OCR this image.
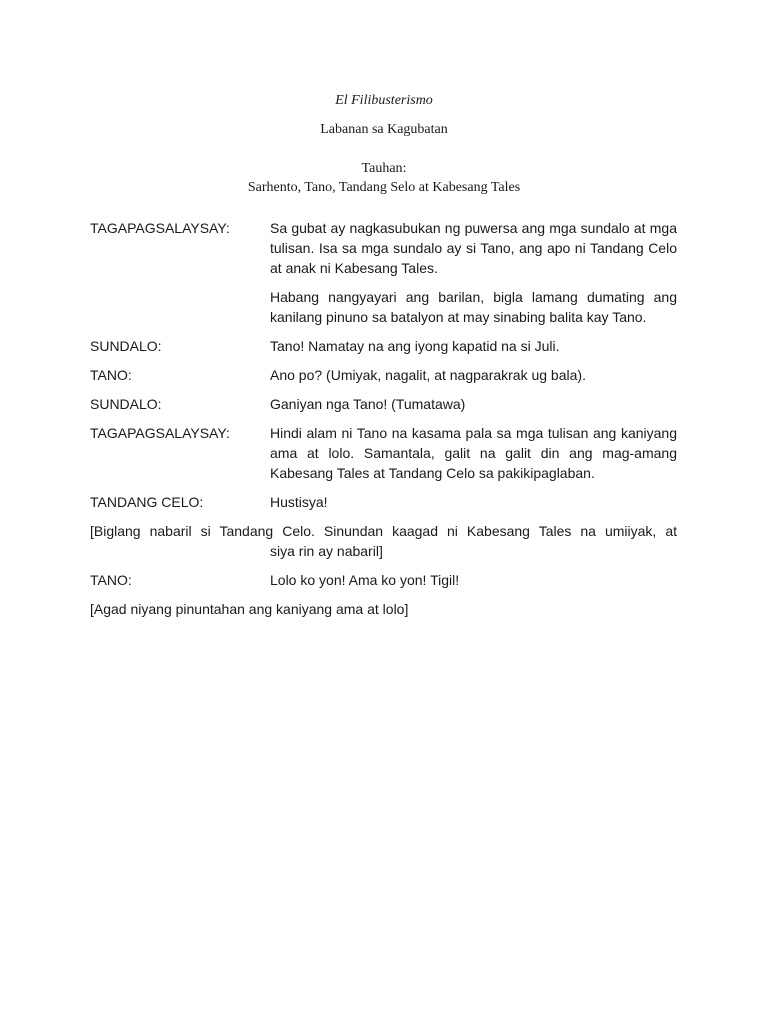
El Filibusterismo
Labanan sa Kagubatan
Tauhan:
Sarhento, Tano, Tandang Selo at Kabesang Tales
TAGAPAGSALAYSAY:	Sa gubat ay nagkasubukan ng puwersa ang mga sundalo at mga tulisan. Isa sa mga sundalo ay si Tano, ang apo ni Tandang Celo at anak ni Kabesang Tales.
Habang nangyayari ang barilan, bigla lamang dumating ang kanilang pinuno sa batalyon at may sinabing balita kay Tano.
SUNDALO:	Tano! Namatay na ang iyong kapatid na si Juli.
TANO:	Ano po? (Umiyak, nagalit, at nagparakrak ug bala).
SUNDALO:	Ganiyan nga Tano! (Tumatawa)
TAGAPAGSALAYSAY:	Hindi alam ni Tano na kasama pala sa mga tulisan ang kaniyang ama at lolo. Samantala, galit na galit din ang mag-amang Kabesang Tales at Tandang Celo sa pakikipaglaban.
TANDANG CELO:	Hustisya!
[Biglang nabaril si Tandang Celo. Sinundan kaagad ni Kabesang Tales na umiiyak, at
siya rin ay nabaril]
TANO:	Lolo ko yon! Ama ko yon! Tigil!
[Agad niyang pinuntahan ang kaniyang ama at lolo]
